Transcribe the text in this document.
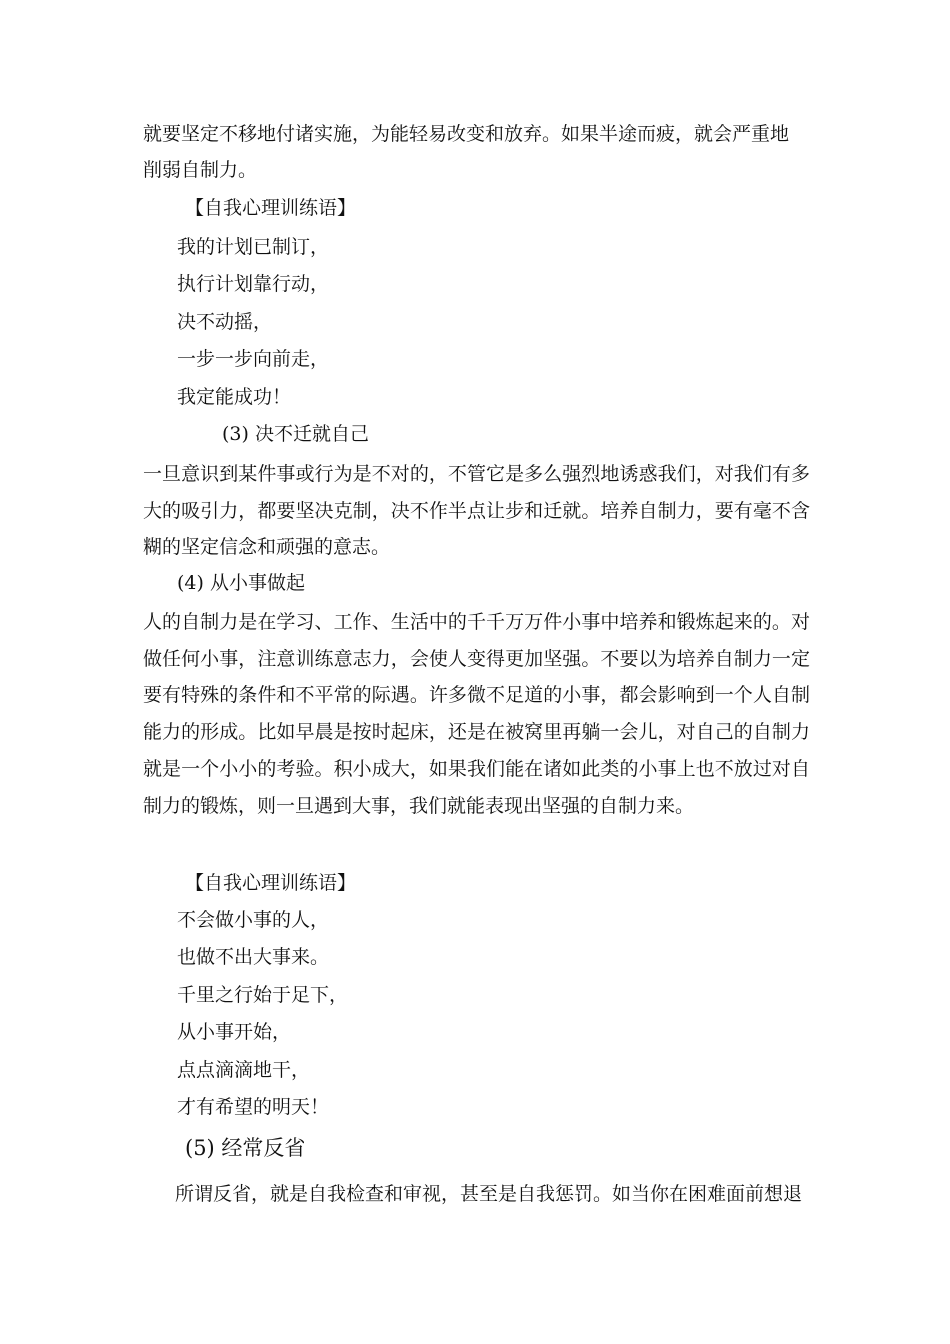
就要坚定不移地付诸实施，为能轻易改变和放弃。如果半途而疲，就会严重地
削弱自制力。
【自我心理训练语】
我的计划已制订，
执行计划靠行动，
决不动摇，
一步一步向前走，
我定能成功！
(3) 决不迁就自己
一旦意识到某件事或行为是不对的，不管它是多么强烈地诱惑我们，对我们有多大的吸引力，都要坚决克制，决不作半点让步和迁就。培养自制力，要有毫不含糊的坚定信念和顽强的意志。
(4) 从小事做起
人的自制力是在学习、工作、生活中的千千万万件小事中培养和锻炼起来的。对做任何小事，注意训练意志力，会使人变得更加坚强。不要以为培养自制力一定要有特殊的条件和不平常的际遇。许多微不足道的小事，都会影响到一个人自制能力的形成。比如早晨是按时起床，还是在被窝里再躺一会儿，对自己的自制力就是一个小小的考验。积小成大，如果我们能在诸如此类的小事上也不放过对自制力的锻炼，则一旦遇到大事，我们就能表现出坚强的自制力来。
【自我心理训练语】
不会做小事的人，
也做不出大事来。
千里之行始于足下，
从小事开始，
点点滴滴地干，
才有希望的明天！
(5) 经常反省
所谓反省，就是自我检查和审视，甚至是自我惩罚。如当你在困难面前想退
